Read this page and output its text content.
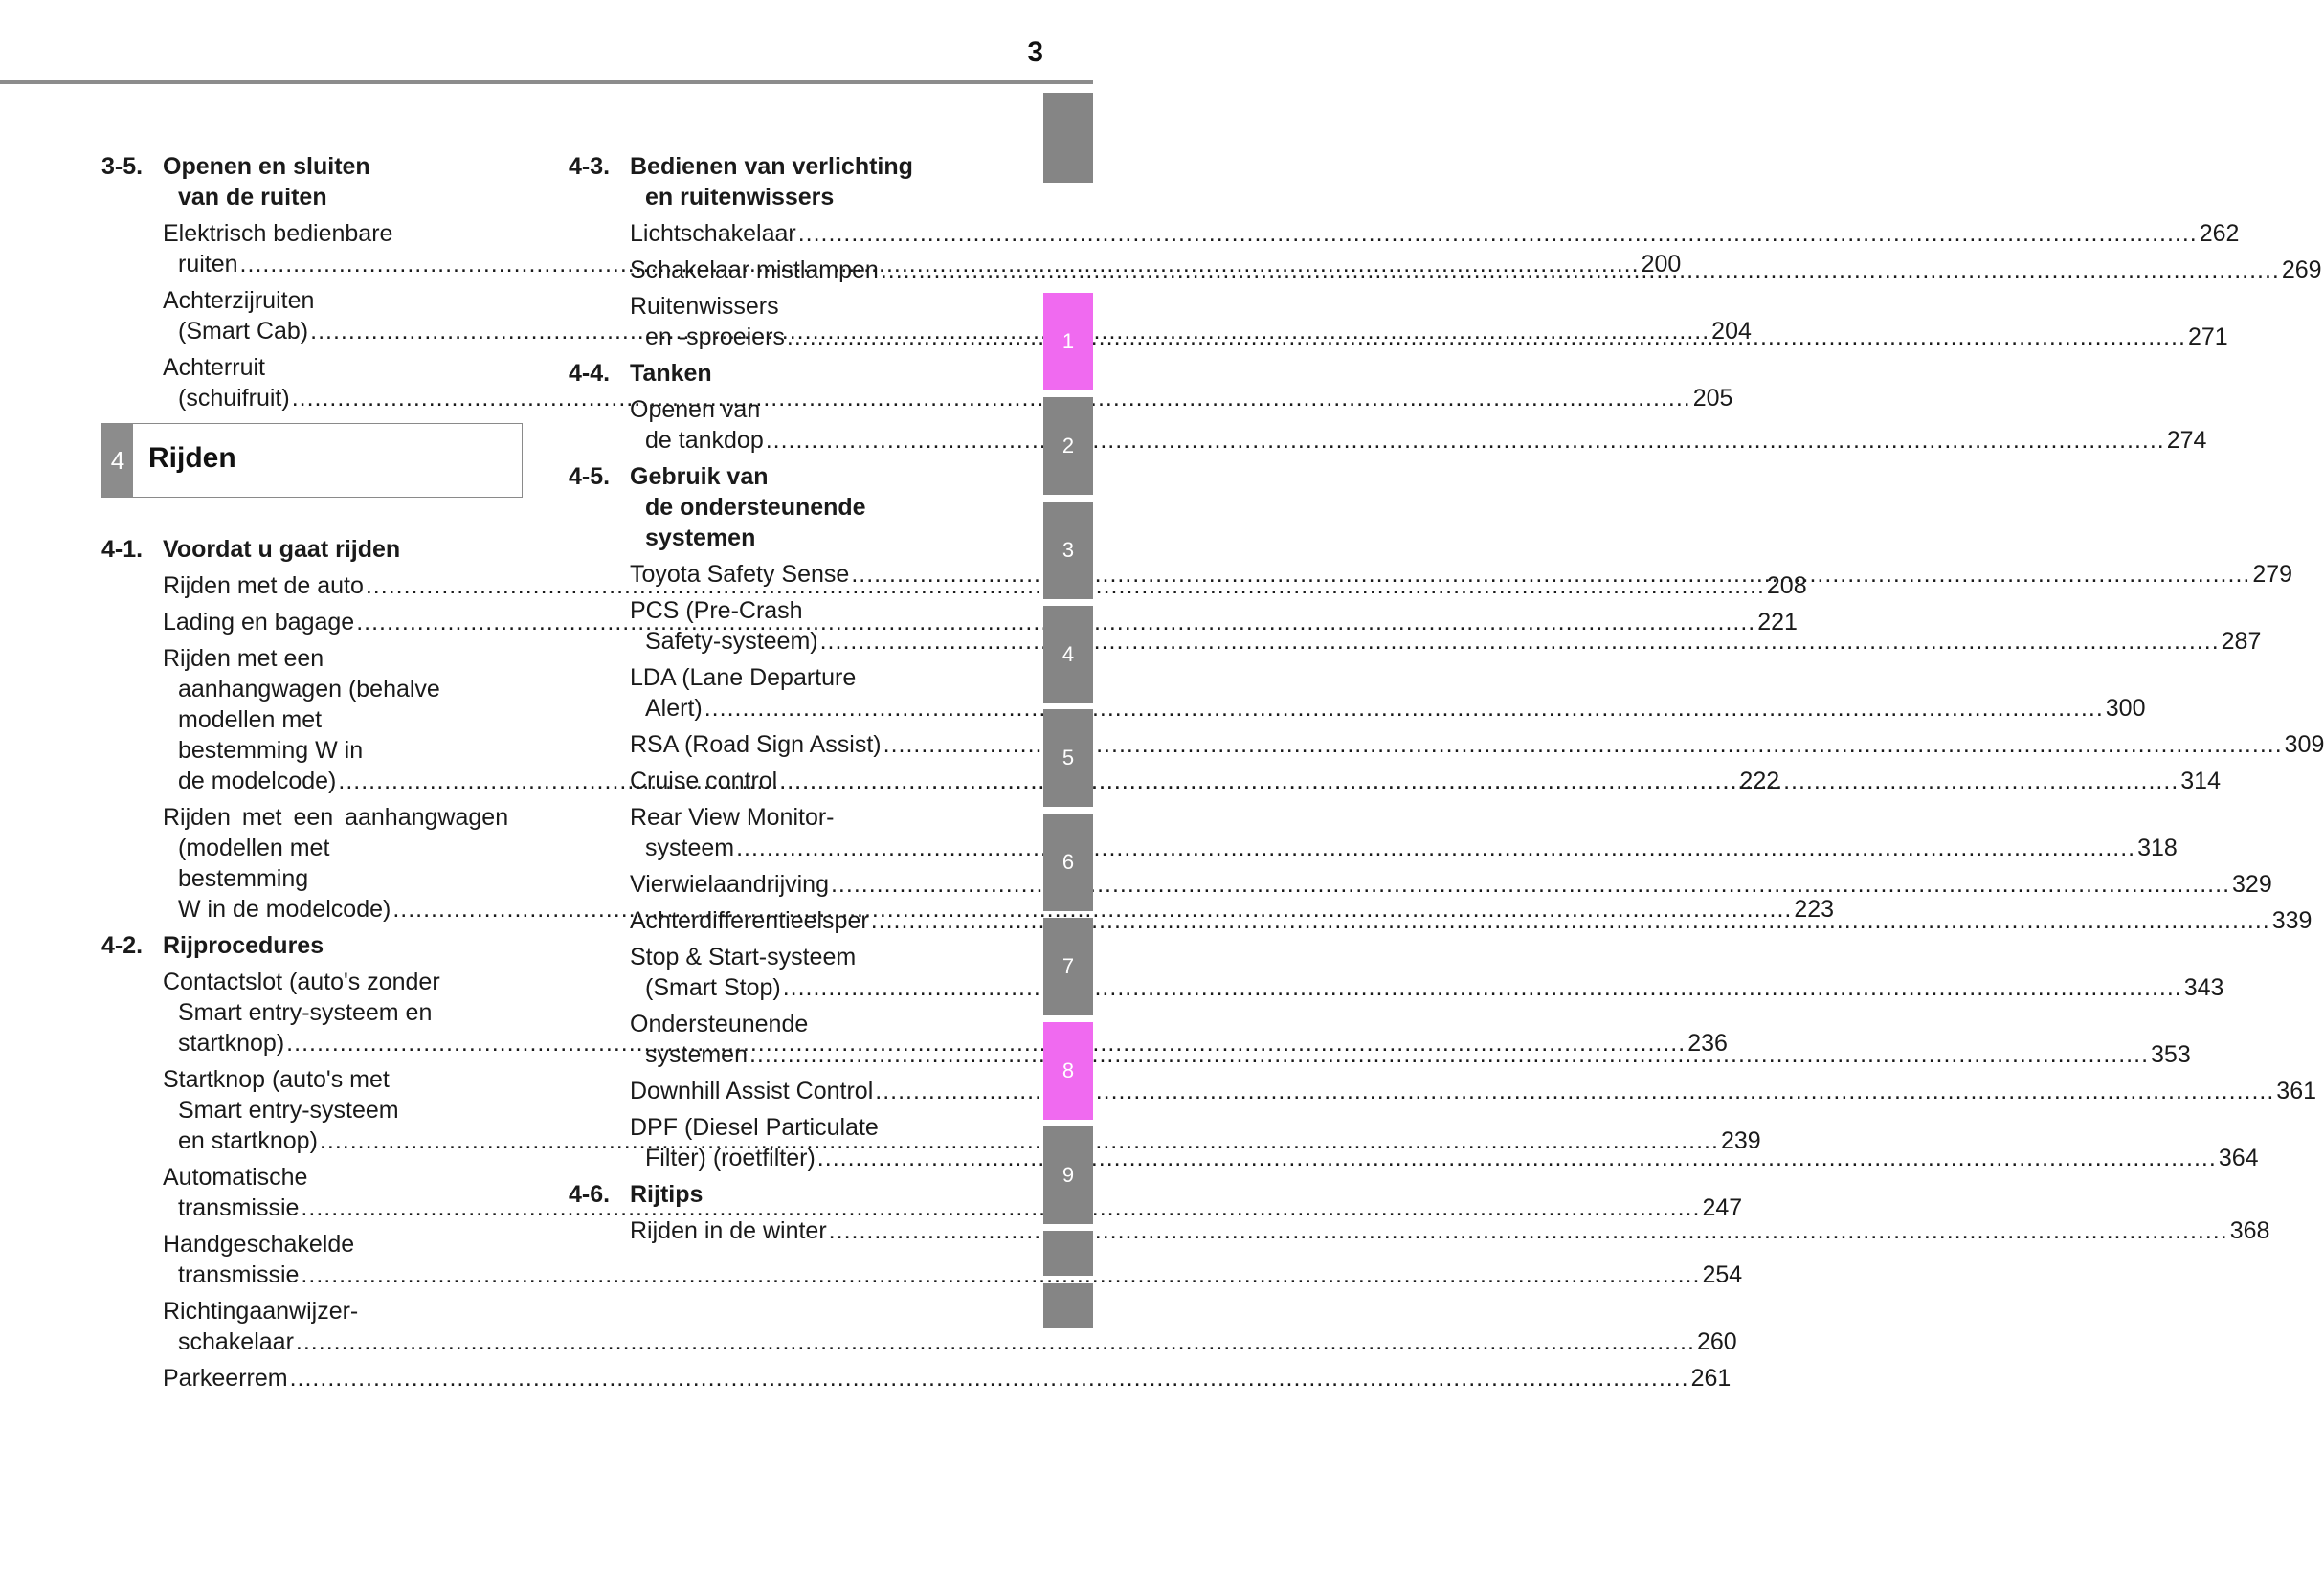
3
3-5. Openen en sluiten
van de ruiten
Elektrisch bedienbare
ruiten .....	200
Achterzijruiten
(Smart Cab) .....	204
Achterruit
(schuifruit) .....	205
4 Rijden
4-1. Voordat u gaat rijden
Rijden met de auto .....	208
Lading en bagage .....	221
Rijden met een
aanhangwagen (behalve
modellen met
bestemming W in
de modelcode) .....	222
Rijden met een aanhangwagen
(modellen met
bestemming
W in de modelcode) .....	223
4-2. Rijprocedures
Contactslot (auto's zonder
Smart entry-systeem en
startknop) .....	236
Startknop (auto's met
Smart entry-systeem
en startknop) .....	239
Automatische
transmissie .....	247
Handgeschakelde
transmissie .....	254
Richtingaanwijzer-
schakelaar .....	260
Parkeerrem .....	261
4-3. Bedienen van verlichting
en ruitenwissers
Lichtschakelaar .....	262
Schakelaar mistlampen .....	269
Ruitenwissers
en -sproeiers .....	271
4-4. Tanken
Openen van
de tankdop .....	274
4-5. Gebruik van
de ondersteunende
systemen
Toyota Safety Sense .....	279
PCS (Pre-Crash
Safety-systeem) .....	287
LDA (Lane Departure
Alert) .....	300
RSA (Road Sign Assist) .....	309
Cruise control .....	314
Rear View Monitor-
systeem .....	318
Vierwielaandrijving .....	329
Achterdifferentieelsper .....	339
Stop & Start-systeem
(Smart Stop) .....	343
Ondersteunende
systemen .....	353
Downhill Assist Control .....	361
DPF (Diesel Particulate
Filter) (roetfilter) .....	364
4-6. Rijtips
Rijden in de winter .....	368
1
2
3
4
5
6
7
8
9
